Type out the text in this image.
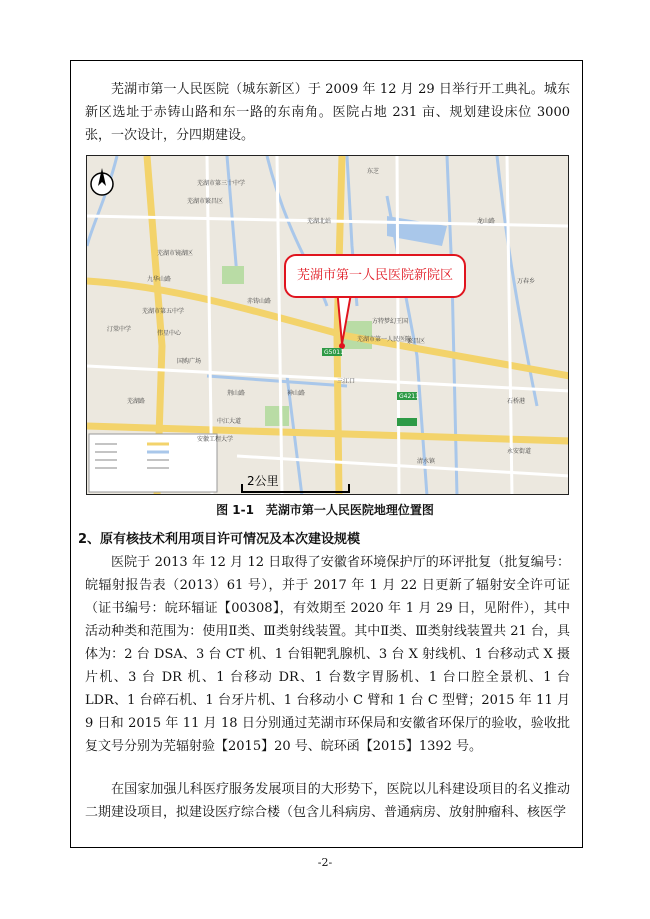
芜湖市第一人民医院（城东新区）于 2009 年 12 月 29 日举行开工典礼。城东新区选址于赤铸山路和东一路的东南角。医院占地 231 亩、规划建设床位 3000 张，一次设计，分四期建设。

芜湖市第三十中学
东芝
芜湖市镜湖区
芜湖市繁昌区
芜湖市第五中学
万春乡
汀棠中学
伟星中心
国购广场
芜湖市第一人民医院
荆山路
中江大道
三江口
繁昌区
安徽工程大学
神山路
芜湖路	石桥港
清水镇
永安街道
赤铸山路
九华山路
芜湖北站
方特梦幻王国
龙山路
G5011
G4211
芜湖市第一人民医院新院区
2公里
图 1-1　芜湖市第一人民医院地理位置图
2、原有核技术利用项目许可情况及本次建设规模

医院于 2013 年 12 月 12 日取得了安徽省环境保护厅的环评批复（批复编号：皖辐射报告表（2013）61 号），并于 2017 年 1 月 22 日更新了辐射安全许可证（证书编号：皖环辐证【00308】，有效期至 2020 年 1 月 29 日，见附件），其中活动种类和范围为：使用Ⅱ类、Ⅲ类射线装置。其中Ⅱ类、Ⅲ类射线装置共 21 台，具体为：2 台 DSA、3 台 CT 机、1 台钼靶乳腺机、3 台 X 射线机、1 台移动式 X 摄片机、3 台 DR 机、1 台移动 DR、1 台数字胃肠机、1 台口腔全景机、1 台 LDR、1 台碎石机、1 台牙片机、1 台移动小 C 臂和 1 台 C 型臂；2015 年 11 月 9 日和 2015 年 11 月 18 日分别通过芜湖市环保局和安徽省环保厅的验收，验收批复文号分别为芜辐射验【2015】20 号、皖环函【2015】1392 号。

在国家加强儿科医疗服务发展项目的大形势下，医院以儿科建设项目的名义推动二期建设项目，拟建设医疗综合楼（包含儿科病房、普通病房、放射肿瘤科、核医学

-2-
